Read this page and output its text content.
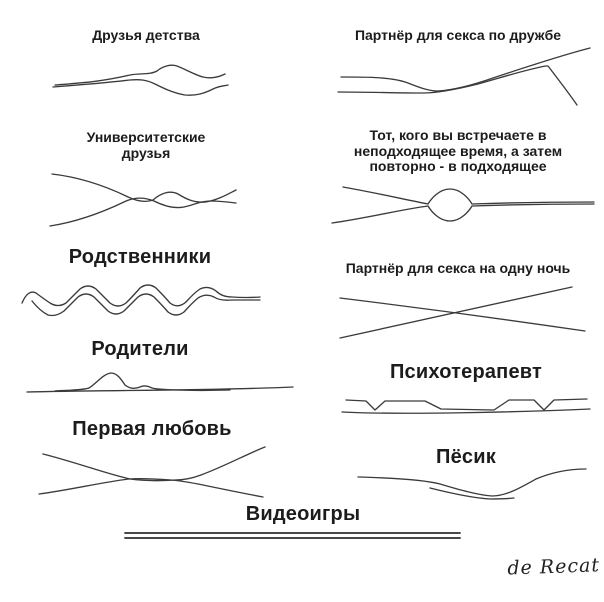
Друзья детства	Партнёр для секса по дружбе
Университетские друзья
Тот, кого вы встречаете в неподходящее время, а затем повторно - в подходящее
Родственники	Партнёр для секса на одну ночь
Родители
Психотерапевт
Первая любовь
Пёсик
Видеоигры
de Recat
